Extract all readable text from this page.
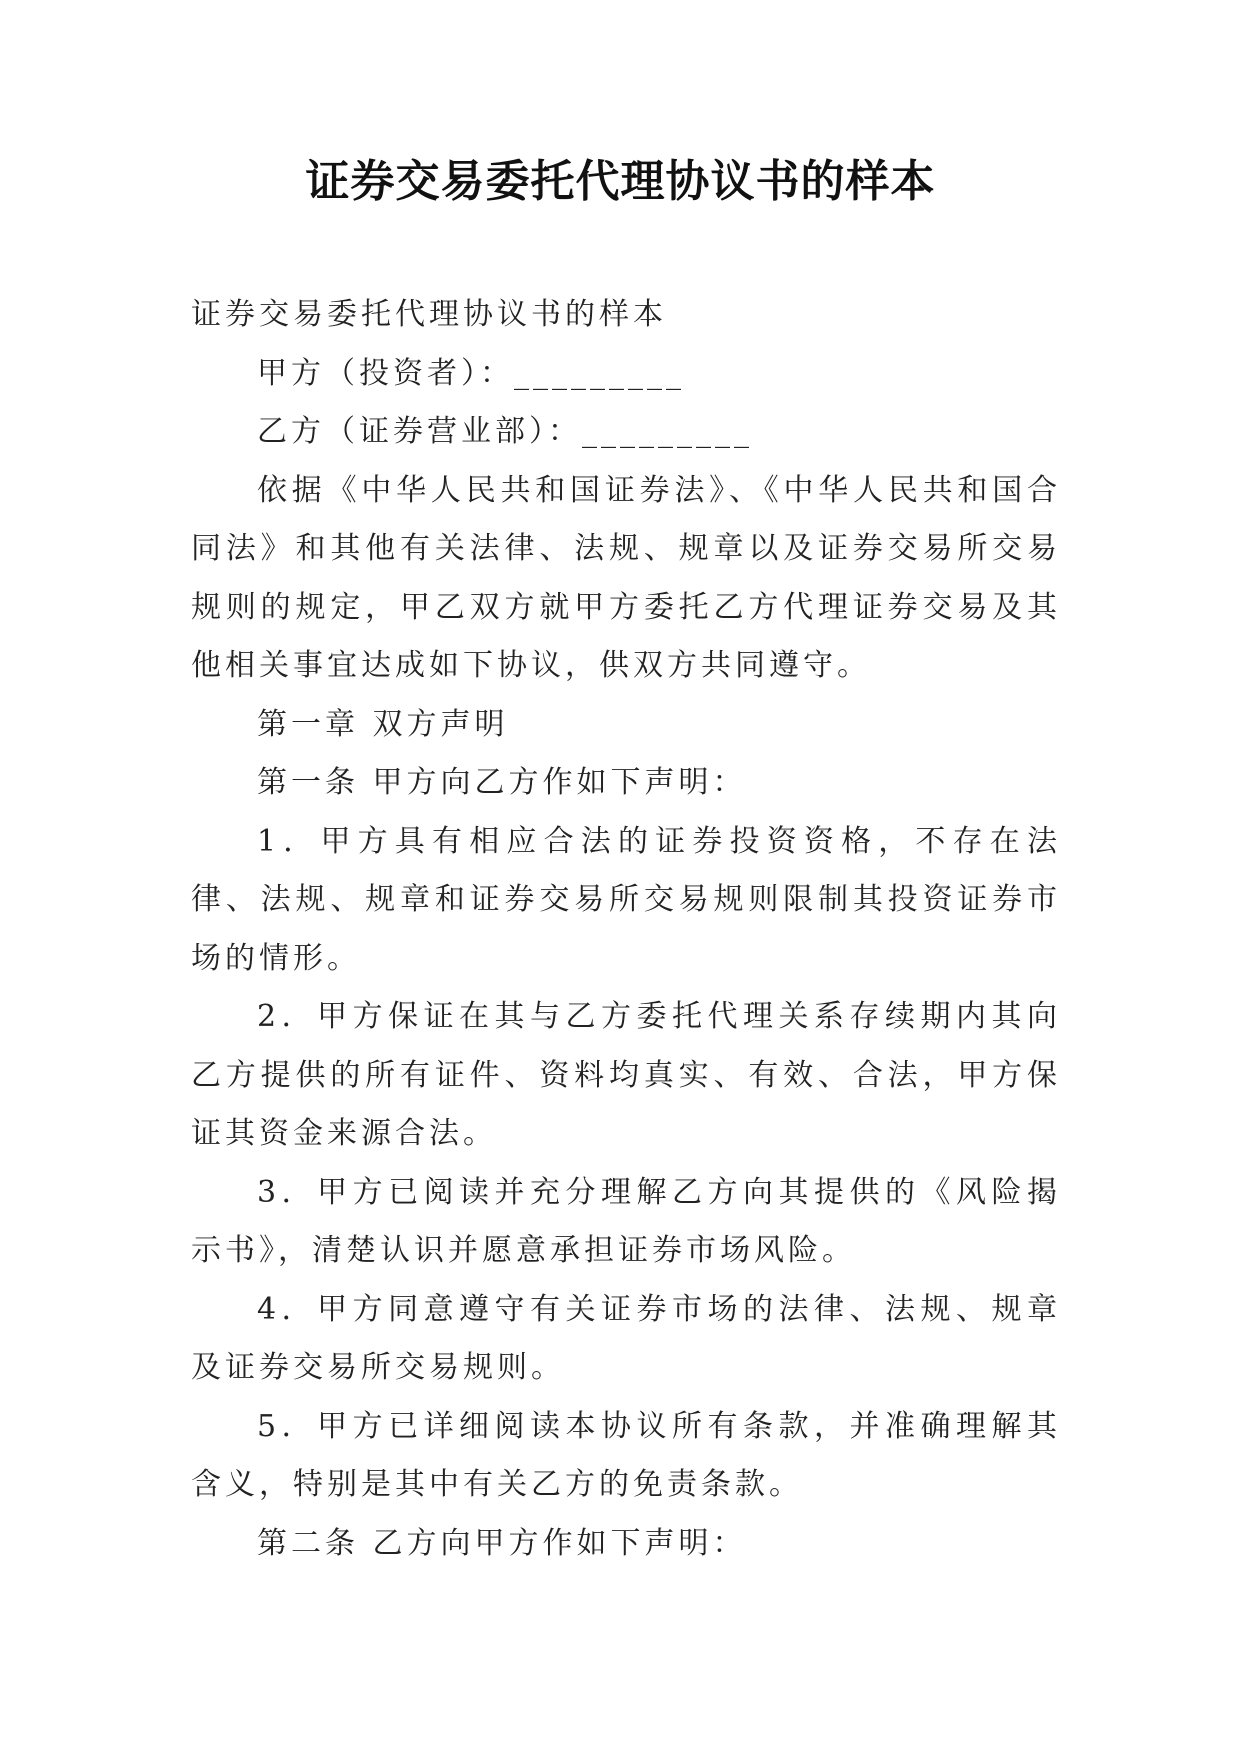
证券交易委托代理协议书的样本

证券交易委托代理协议书的样本

甲方（投资者）：_________

乙方（证券营业部）：_________

依据《中华人民共和国证券法》、《中华人民共和国合同法》和其他有关法律、法规、规章以及证券交易所交易规则的规定，甲乙双方就甲方委托乙方代理证券交易及其他相关事宜达成如下协议，供双方共同遵守。

第一章 双方声明

第一条 甲方向乙方作如下声明：

1．甲方具有相应合法的证券投资资格，不存在法律、法规、规章和证券交易所交易规则限制其投资证券市场的情形。

2．甲方保证在其与乙方委托代理关系存续期内其向乙方提供的所有证件、资料均真实、有效、合法，甲方保证其资金来源合法。

3．甲方已阅读并充分理解乙方向其提供的《风险揭示书》，清楚认识并愿意承担证券市场风险。

4．甲方同意遵守有关证券市场的法律、法规、规章及证券交易所交易规则。

5．甲方已详细阅读本协议所有条款，并准确理解其含义，特别是其中有关乙方的免责条款。

第二条 乙方向甲方作如下声明：
